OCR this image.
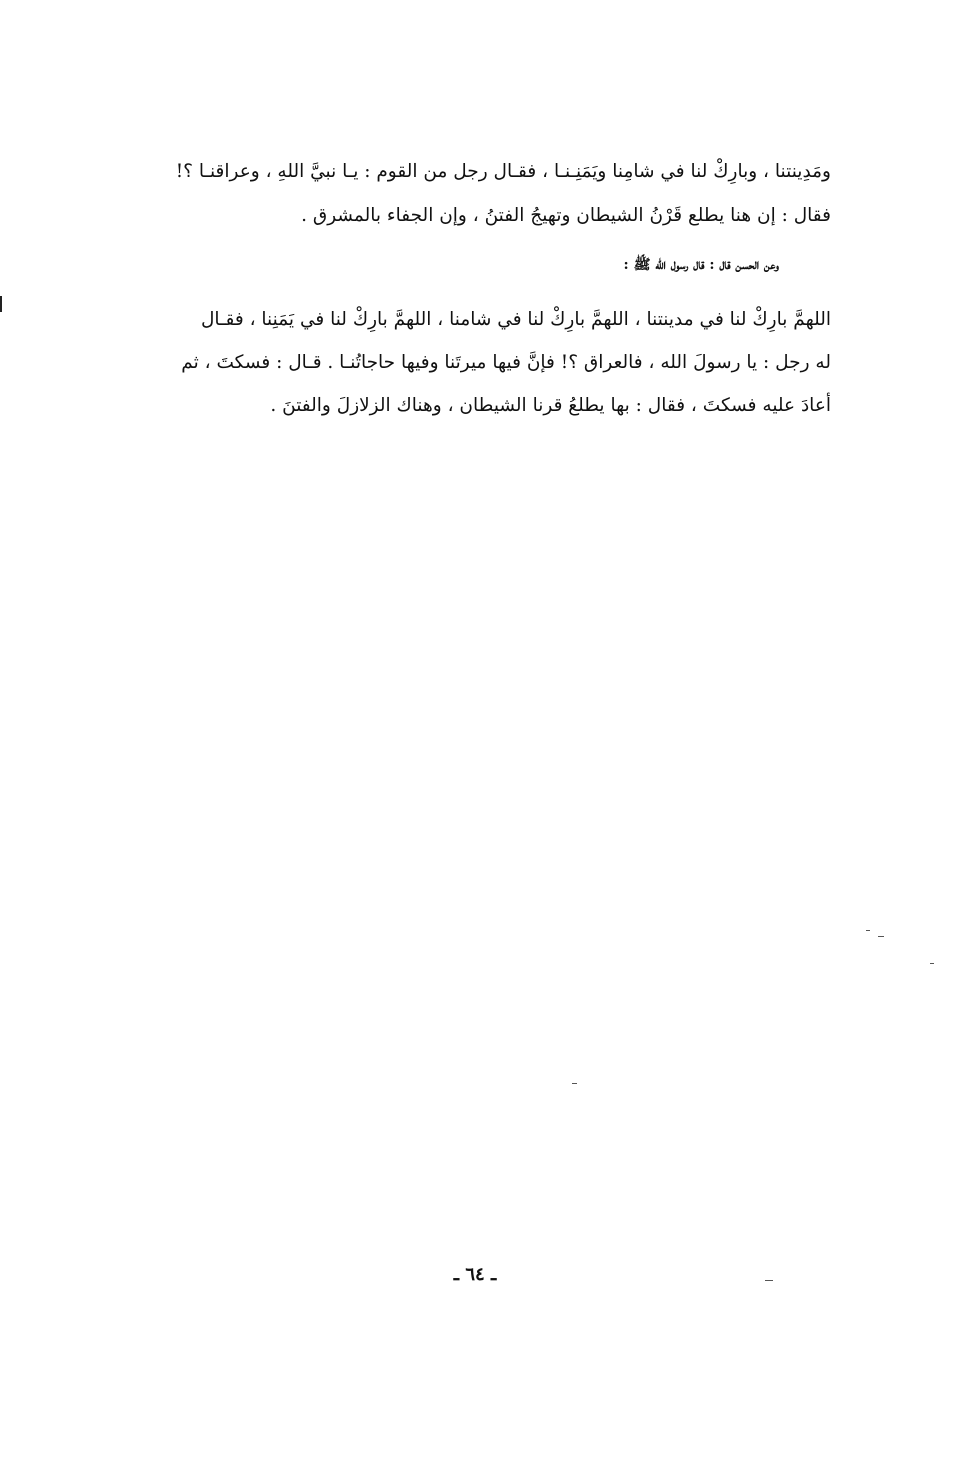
ومَدِينتنا ، وبارِكْ لنا في شامِنا ويَمَنِـنـا ، فقـال رجل من القوم : يـا نبيَّ اللهِ ، وعراقنـا ؟!
فقال : إن هنا يطلع قَرْنُ الشيطان وتهيجُ الفتنُ ، وإن الجفاء بالمشرق .
وعن الحسن قال : قال رسول الله ﷺ :
اللهمَّ بارِكْ لنا في مدينتنا ، اللهمَّ بارِكْ لنا في شامنا ، اللهمَّ بارِكْ لنا في يَمَنِنا ، فقـال
له رجل : يا رسولَ الله ، فالعراق ؟! فإنَّ فيها ميرتَنا وفيها حاجاتُنـا . قـال : فسكتَ ، ثم
أعادَ عليه فسكتَ ، فقال : بها يطلعُ قرنا الشيطان ، وهناك الزلازلَ والفتنَ .
ـ ٦٤ ـ
